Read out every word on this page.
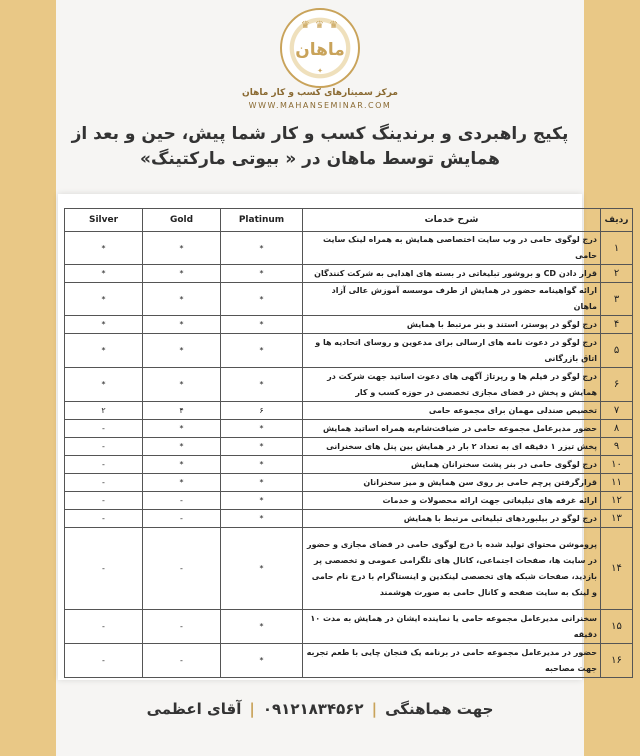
♛ ♛ ♛
ماهان
✦
مرکز سمینارهای کسب و کار ماهان
WWW.MAHANSEMINAR.COM
پکیج راهبردی و برندینگ کسب و کار شما پیش، حین و بعد از همایش توسط ماهان در « بیوتی مارکتینگ»
ردیف	شرح خدمات	Platinum	Gold	Silver
۱	درج لوگوی حامی در وب سایت اختصاصی همایش به همراه لینک سایت حامی	*	*	*
۲	قرار دادن CD و بروشور تبلیغاتی در بسته های اهدایی به شرکت کنندگان	*	*	*
۳	ارائه گواهینامه حضور در همایش از طرف موسسه آموزش عالی آزاد ماهان	*	*	*
۴	درج لوگو در پوستر، استند و بنر مرتبط با همایش	*	*	*
۵	درج لوگو در دعوت نامه های ارسالی برای مدعوین و روسای اتحادیه ها و اتاق بازرگانی	*	*	*
۶	درج لوگو در فیلم ها و رپرتاژ آگهی های دعوت اساتید جهت شرکت در همایش و پخش در فضای مجازی تخصصی در حوزه کسب و کار	*	*	*
۷	تخصیص صندلی مهمان برای مجموعه حامی	۶	۴	۲
۸	حضور مدیرعامل مجموعه حامی در ضیافت‌شام‌به همراه اساتید همایش	*	*	-
۹	پخش تیزر ۱ دقیقه ای به تعداد ۲ بار در همایش بین پنل های سخنرانی	*	*	-
۱۰	درج لوگوی حامی در بنر پشت سخنرانان همایش	*	*	-
۱۱	قرارگرفتن پرچم حامی بر روی سن همایش و میز سخنرانان	*	*	-
۱۲	ارائه غرفه های تبلیغاتی جهت ارائه محصولات و خدمات	*	-	-
۱۳	درج لوگو در بیلبوردهای تبلیغاتی مرتبط با همایش	*	-	-
۱۴	پروموشن محتوای تولید شده با درج لوگوی حامی در فضای مجازی و حضور در سایت ها، صفحات اجتماعی، کانال های تلگرامی عمومی و تخصصی پر بازدید، صفحات شبکه های تخصصی لینکدین و اینستاگرام با درج نام حامی و لینک به سایت صفحه و کانال حامی به صورت هوشمند	*	-	-
۱۵	سخنرانی مدیرعامل مجموعه حامی یا نماینده ایشان در همایش به مدت ۱۰ دقیقه	*	-	-
۱۶	حضور در مدیرعامل مجموعه حامی در برنامه یک فنجان چایی با طعم تجربه جهت مصاحبه	*	-	-
جهت هماهنگی|۰۹۱۲۱۸۳۴۵۶۲|آقای اعظمی
